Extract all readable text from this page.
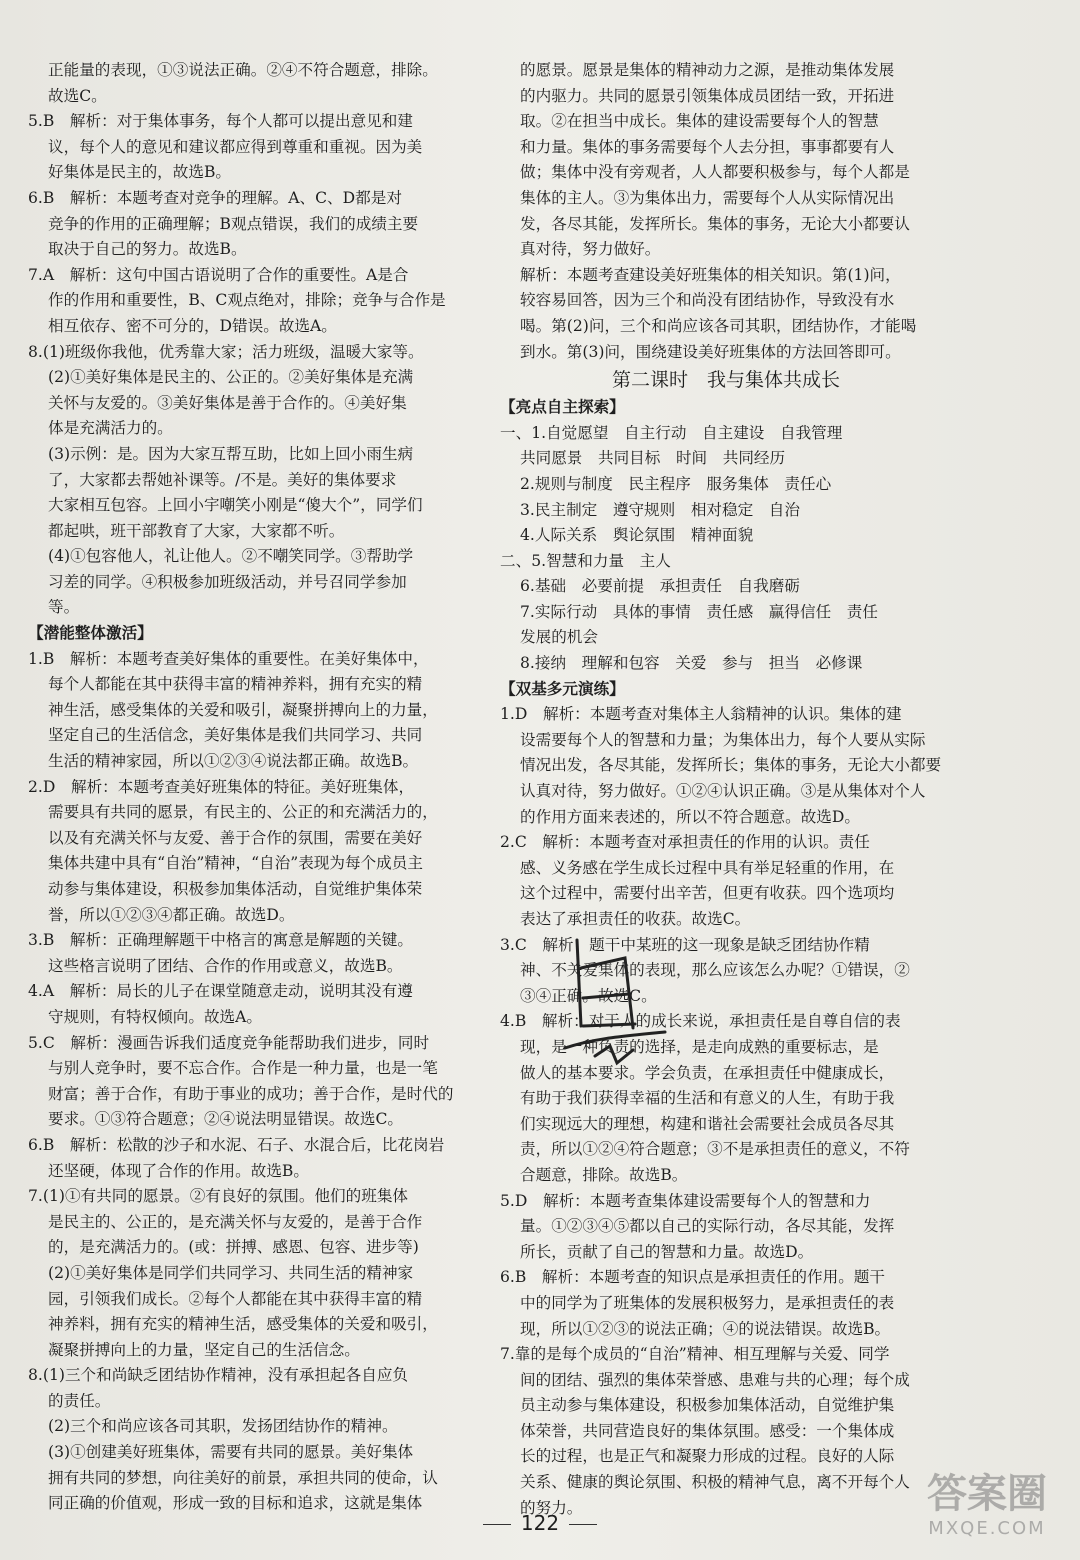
正能量的表现，①③说法正确。②④不符合题意，排除。

故选C。

5.B　解析：对于集体事务，每个人都可以提出意见和建

议，每个人的意见和建议都应得到尊重和重视。因为美

好集体是民主的，故选B。

6.B　解析：本题考查对竞争的理解。A、C、D都是对

竞争的作用的正确理解；B观点错误，我们的成绩主要

取决于自己的努力。故选B。

7.A　解析：这句中国古语说明了合作的重要性。A是合

作的作用和重要性，B、C观点绝对，排除；竞争与合作是

相互依存、密不可分的，D错误。故选A。

8.(1)班级你我他，优秀靠大家；活力班级，温暖大家等。

(2)①美好集体是民主的、公正的。②美好集体是充满

关怀与友爱的。③美好集体是善于合作的。④美好集

体是充满活力的。

(3)示例：是。因为大家互帮互助，比如上回小雨生病

了，大家都去帮她补课等。/不是。美好的集体要求

大家相互包容。上回小宇嘲笑小刚是“傻大个”，同学们

都起哄，班干部教育了大家，大家都不听。

(4)①包容他人，礼让他人。②不嘲笑同学。③帮助学

习差的同学。④积极参加班级活动，并号召同学参加

等。

【潜能整体激活】

1.B　解析：本题考查美好集体的重要性。在美好集体中，

每个人都能在其中获得丰富的精神养料，拥有充实的精

神生活，感受集体的关爱和吸引，凝聚拼搏向上的力量，

坚定自己的生活信念，美好集体是我们共同学习、共同

生活的精神家园，所以①②③④说法都正确。故选B。

2.D　解析：本题考查美好班集体的特征。美好班集体，

需要具有共同的愿景，有民主的、公正的和充满活力的，

以及有充满关怀与友爱、善于合作的氛围，需要在美好

集体共建中具有“自治”精神，“自治”表现为每个成员主

动参与集体建设，积极参加集体活动，自觉维护集体荣

誉，所以①②③④都正确。故选D。

3.B　解析：正确理解题干中格言的寓意是解题的关键。

这些格言说明了团结、合作的作用或意义，故选B。

4.A　解析：局长的儿子在课堂随意走动，说明其没有遵

守规则，有特权倾向。故选A。

5.C　解析：漫画告诉我们适度竞争能帮助我们进步，同时

与别人竞争时，要不忘合作。合作是一种力量，也是一笔

财富；善于合作，有助于事业的成功；善于合作，是时代的

要求。①③符合题意；②④说法明显错误。故选C。

6.B　解析：松散的沙子和水泥、石子、水混合后，比花岗岩

还坚硬，体现了合作的作用。故选B。

7.(1)①有共同的愿景。②有良好的氛围。他们的班集体

是民主的、公正的，是充满关怀与友爱的，是善于合作

的，是充满活力的。(或：拼搏、感恩、包容、进步等)

(2)①美好集体是同学们共同学习、共同生活的精神家

园，引领我们成长。②每个人都能在其中获得丰富的精

神养料，拥有充实的精神生活，感受集体的关爱和吸引，

凝聚拼搏向上的力量，坚定自己的生活信念。

8.(1)三个和尚缺乏团结协作精神，没有承担起各自应负

的责任。

(2)三个和尚应该各司其职，发扬团结协作的精神。

(3)①创建美好班集体，需要有共同的愿景。美好集体

拥有共同的梦想，向往美好的前景，承担共同的使命，认

同正确的价值观，形成一致的目标和追求，这就是集体

的愿景。愿景是集体的精神动力之源，是推动集体发展

的内驱力。共同的愿景引领集体成员团结一致，开拓进

取。②在担当中成长。集体的建设需要每个人的智慧

和力量。集体的事务需要每个人去分担，事事都要有人

做；集体中没有旁观者，人人都要积极参与，每个人都是

集体的主人。③为集体出力，需要每个人从实际情况出

发，各尽其能，发挥所长。集体的事务，无论大小都要认

真对待，努力做好。

解析：本题考查建设美好班集体的相关知识。第(1)问，

较容易回答，因为三个和尚没有团结协作，导致没有水

喝。第(2)问，三个和尚应该各司其职，团结协作，才能喝

到水。第(3)问，围绕建设美好班集体的方法回答即可。

第二课时　我与集体共成长

【亮点自主探索】

一、1.自觉愿望　自主行动　自主建设　自我管理

共同愿景　共同目标　时间　共同经历

2.规则与制度　民主程序　服务集体　责任心

3.民主制定　遵守规则　相对稳定　自治

4.人际关系　舆论氛围　精神面貌

二、5.智慧和力量　主人

6.基础　必要前提　承担责任　自我磨砺

7.实际行动　具体的事情　责任感　赢得信任　责任

发展的机会

8.接纳　理解和包容　关爱　参与　担当　必修课

【双基多元演练】

1.D　解析：本题考查对集体主人翁精神的认识。集体的建

设需要每个人的智慧和力量；为集体出力，每个人要从实际

情况出发，各尽其能，发挥所长；集体的事务，无论大小都要

认真对待，努力做好。①②④认识正确。③是从集体对个人

的作用方面来表述的，所以不符合题意。故选D。

2.C　解析：本题考查对承担责任的作用的认识。责任

感、义务感在学生成长过程中具有举足轻重的作用，在

这个过程中，需要付出辛苦，但更有收获。四个选项均

表达了承担责任的收获。故选C。

3.C　解析：题干中某班的这一现象是缺乏团结协作精

神、不关爱集体的表现，那么应该怎么办呢？①错误，②

③④正确。故选C。

4.B　解析：对于人的成长来说，承担责任是自尊自信的表

现，是一种负责的选择，是走向成熟的重要标志，是

做人的基本要求。学会负责，在承担责任中健康成长，

有助于我们获得幸福的生活和有意义的人生，有助于我

们实现远大的理想，构建和谐社会需要社会成员各尽其

责，所以①②④符合题意；③不是承担责任的意义，不符

合题意，排除。故选B。

5.D　解析：本题考查集体建设需要每个人的智慧和力

量。①②③④⑤都以自己的实际行动，各尽其能，发挥

所长，贡献了自己的智慧和力量。故选D。

6.B　解析：本题考查的知识点是承担责任的作用。题干

中的同学为了班集体的发展积极努力，是承担责任的表

现，所以①②③的说法正确；④的说法错误。故选B。

7.靠的是每个成员的“自治”精神、相互理解与关爱、同学

间的团结、强烈的集体荣誉感、患难与共的心理；每个成

员主动参与集体建设，积极参加集体活动，自觉维护集

体荣誉，共同营造良好的集体氛围。感受：一个集体成

长的过程，也是正气和凝聚力形成的过程。良好的人际

关系、健康的舆论氛围、积极的精神气息，离不开每个人

的努力。

122
答案圈
MXQE.COM
